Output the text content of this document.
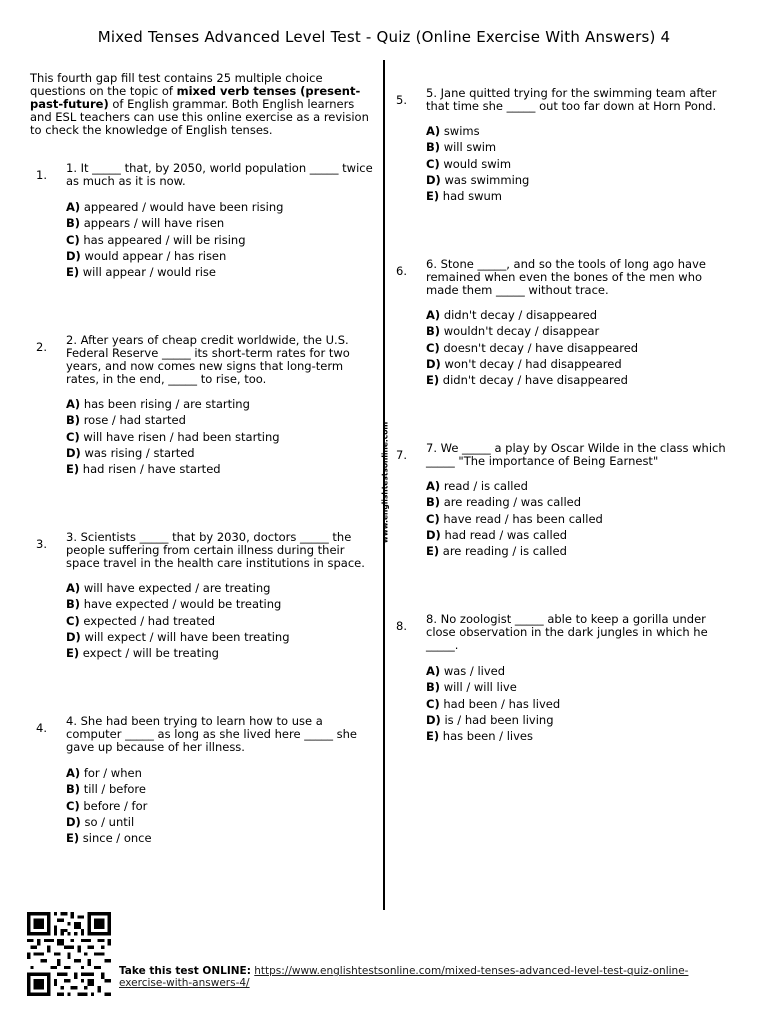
Mixed Tenses Advanced Level Test - Quiz (Online Exercise With Answers) 4
This fourth gap fill test contains 25 multiple choice questions on the topic of mixed verb tenses (present-past-future) of English grammar. Both English learners and ESL teachers can use this online exercise as a revision to check the knowledge of English tenses.
www.englishtestsonline.com
1. 1. It _____ that, by 2050, world population _____ twice as much as it is now.
A) appeared / would have been rising
B) appears / will have risen
C) has appeared / will be rising
D) would appear / has risen
E) will appear / would rise
2. 2. After years of cheap credit worldwide, the U.S. Federal Reserve _____ its short-term rates for two years, and now comes new signs that long-term rates, in the end, _____ to rise, too.
A) has been rising / are starting
B) rose / had started
C) will have risen / had been starting
D) was rising / started
E) had risen / have started
3. 3. Scientists _____ that by 2030, doctors _____ the people suffering from certain illness during their space travel in the health care institutions in space.
A) will have expected / are treating
B) have expected / would be treating
C) expected / had treated
D) will expect / will have been treating
E) expect / will be treating
4. 4. She had been trying to learn how to use a computer _____ as long as she lived here _____ she gave up because of her illness.
A) for / when
B) till / before
C) before / for
D) so / until
E) since / once
5. 5. Jane quitted trying for the swimming team after that time she _____ out too far down at Horn Pond.
A) swims
B) will swim
C) would swim
D) was swimming
E) had swum
6. 6. Stone _____, and so the tools of long ago have remained when even the bones of the men who made them _____ without trace.
A) didn't decay / disappeared
B) wouldn't decay / disappear
C) doesn't decay / have disappeared
D) won't decay / had disappeared
E) didn't decay / have disappeared
7. 7. We _____ a play by Oscar Wilde in the class which _____ "The importance of Being Earnest"
A) read / is called
B) are reading / was called
C) have read / has been called
D) had read / was called
E) are reading / is called
8. 8. No zoologist _____ able to keep a gorilla under close observation in the dark jungles in which he _____.
A) was / lived
B) will / will live
C) had been / has lived
D) is / had been living
E) has been / lives
Take this test ONLINE: https://www.englishtestsonline.com/mixed-tenses-advanced-level-test-quiz-online-exercise-with-answers-4/
